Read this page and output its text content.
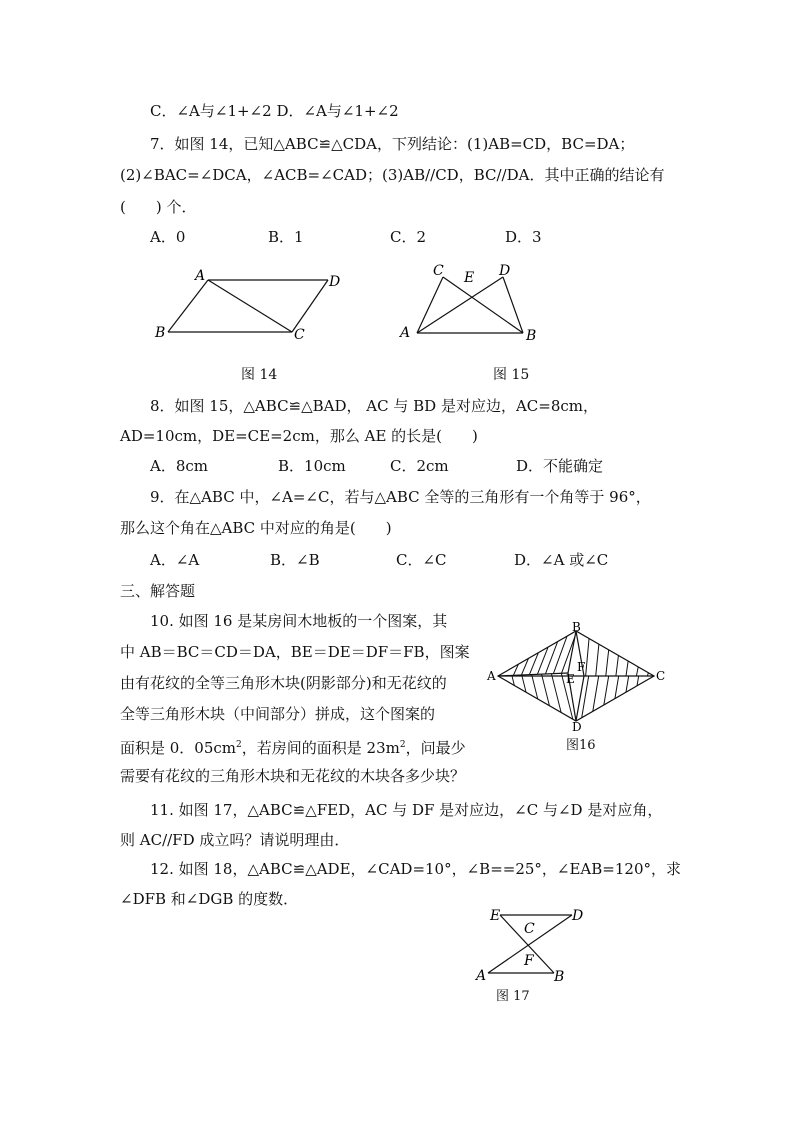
C．∠A与∠1+∠2 D．∠A与∠1+∠2
7．如图 14，已知△ABC≌△CDA，下列结论：(1)AB=CD，BC=DA；
(2)∠BAC=∠DCA，∠ACB=∠CAD；(3)AB//CD，BC//DA．其中正确的结论有
(　　) 个．
A．0	B．1	C．2	D．3
A	D
B	C
图 14
C E D
A	B
图 15
8．如图 15，△ABC≌△BAD， AC 与 BD 是对应边，AC=8cm，
AD=10cm，DE=CE=2cm，那么 AE 的长是(　　)
A．8cm	B．10cm	C．2cm	D．不能确定
9．在△ABC 中，∠A=∠C，若与△ABC 全等的三角形有一个角等于 96°，
那么这个角在△ABC 中对应的角是(　　)
A．∠A	B．∠B	C．∠C	D．∠A 或∠C
三、解答题
10. 如图 16 是某房间木地板的一个图案，其
中 AB＝BC＝CD＝DA，BE＝DE＝DF＝FB，图案
由有花纹的全等三角形木块(阴影部分)和无花纹的
全等三角形木块（中间部分）拼成，这个图案的
面积是 0．$05cm^2$，若房间的面积是 $23m^2$，问最少
需要有花纹的三角形木块和无花纹的木块各多少块？
B
F
A	E	C
D
图16
11. 如图 17，△ABC≌△FED，AC 与 DF 是对应边，∠C 与∠D 是对应角，
则 AC//FD 成立吗？请说明理由．
12. 如图 18，△ABC≌△ADE，∠CAD=10°，∠B==25°，∠EAB=120°，求
∠DFB 和∠DGB 的度数．
E	D
C
F
A	B
图 17
